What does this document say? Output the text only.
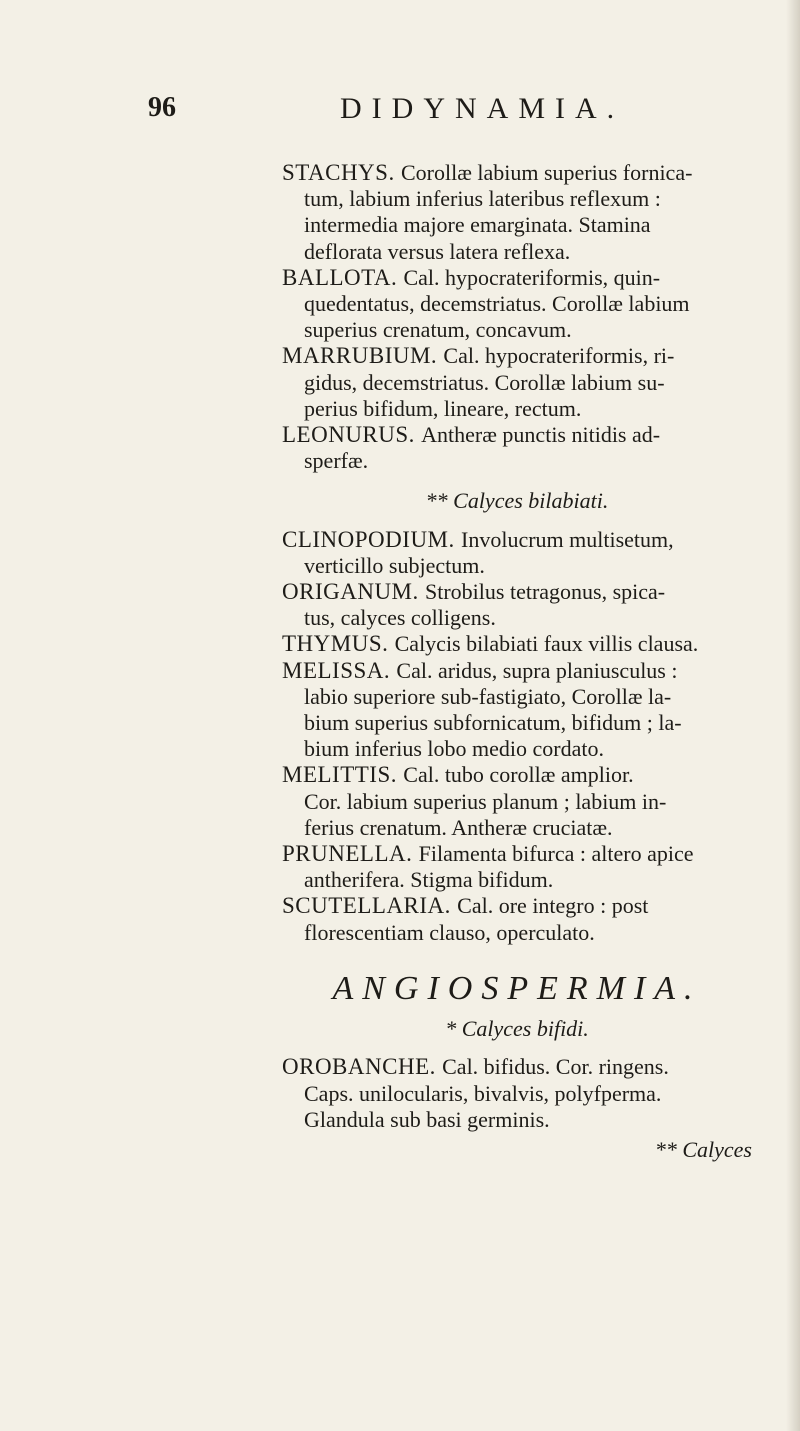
96	DIDYNAMIA.
STACHYS. Corollæ labium superius fornica-
tum, labium inferius lateribus reflexum :
intermedia majore emarginata. Stamina
deflorata versus latera reflexa.
BALLOTA. Cal. hypocrateriformis, quin-
quedentatus, decemstriatus. Corollæ labium
superius crenatum, concavum.
MARRUBIUM. Cal. hypocrateriformis, ri-
gidus, decemstriatus. Corollæ labium su-
perius bifidum, lineare, rectum.
LEONURUS. Antheræ punctis nitidis ad-
sperfæ.
** Calyces bilabiati.
CLINOPODIUM. Involucrum multisetum,
verticillo subjectum.
ORIGANUM. Strobilus tetragonus, spica-
tus, calyces colligens.
THYMUS. Calycis bilabiati faux villis clausa.
MELISSA. Cal. aridus, supra planiusculus :
labio superiore sub-fastigiato, Corollæ la-
bium superius subfornicatum, bifidum ; la-
bium inferius lobo medio cordato.
MELITTIS. Cal. tubo corollæ amplior.
Cor. labium superius planum ; labium in-
ferius crenatum. Antheræ cruciatæ.
PRUNELLA. Filamenta bifurca : altero apice
antherifera. Stigma bifidum.
SCUTELLARIA. Cal. ore integro : post
florescentiam clauso, operculato.
ANGIOSPERMIA.
* Calyces bifidi.
OROBANCHE. Cal. bifidus. Cor. ringens.
Caps. unilocularis, bivalvis, polyfperma.
Glandula sub basi germinis.
** Calyces
